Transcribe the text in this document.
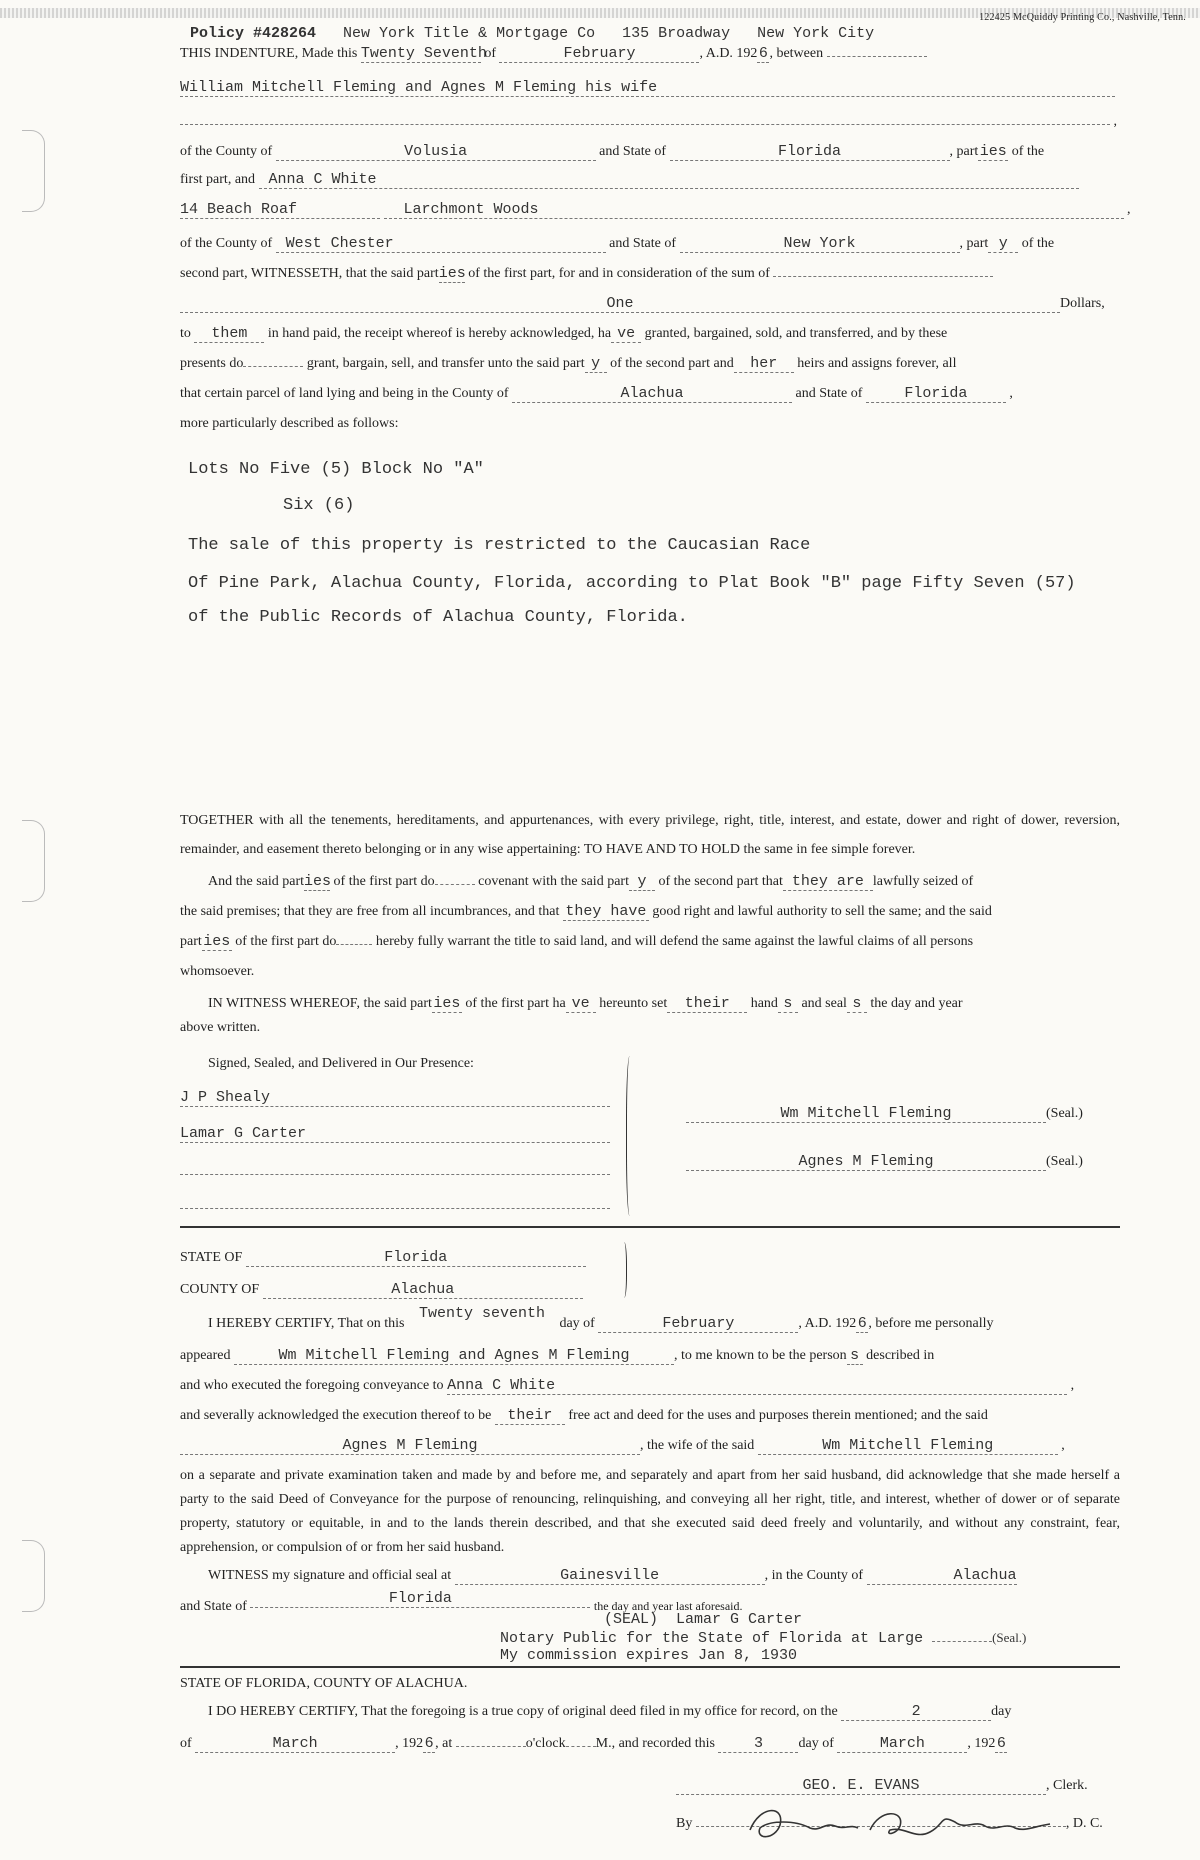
122425 McQuiddy Printing Co., Nashville, Tenn.
Policy #428264 New York Title & Mortgage Co 135 Broadway New York City
THIS INDENTURE, Made this Twenty Seventh of	February	, A.D. 1926 , between
William Mitchell Fleming and Agnes M Fleming his wife
,
of the County of	Volusia	and State of	Florida	, parties of the
first part, and Anna C White
14 Beach Roaf	Larchmont Woods	,
of the County of West Chester	and State of	New York	, part y of the
second part, WITNESSETH, that the said parties of the first part, for and in consideration of the sum of
One	Dollars,
to them in hand paid, the receipt whereof is hereby acknowledged, ha ve granted, bargained, sold, and transferred, and by these
presents do	grant, bargain, sell, and transfer unto the said part y of the second part and her heirs and assigns forever, all
that certain parcel of land lying and being in the County of	Alachua	and State of	Florida	,
more particularly described as follows:
Lots No Five (5) Block No "A"
Six (6)
The sale of this property is restricted to the Caucasian Race
Of Pine Park, Alachua County, Florida, according to Plat Book "B" page Fifty Seven (57)
of the Public Records of Alachua County, Florida.
TOGETHER with all the tenements, hereditaments, and appurtenances, with every privilege, right, title, interest, and estate, dower and right of dower, reversion, remainder, and easement thereto belonging or in any wise appertaining: TO HAVE AND TO HOLD the same in fee simple forever.
And the said parties of the first part do	covenant with the said part y of the second part that they are lawfully seized of
the said premises; that they are free from all incumbrances, and that they have good right and lawful authority to sell the same; and the said
parties of the first part do	hereby fully warrant the title to said land, and will defend the same against the lawful claims of all persons
whomsoever.
IN WITNESS WHEREOF, the said parties of the first part ha ve hereunto set their hand s and seal s the day and year
above written.
Signed, Sealed, and Delivered in Our Presence:
J P Shealy
Lamar G Carter
Wm Mitchell Fleming	(Seal.)
Agnes M Fleming	(Seal.)
STATE OF	Florida
COUNTY OF	Alachua
I HEREBY CERTIFY, That on this Twenty seventh day of	February	, A.D. 1926 , before me personally
appeared	Wm Mitchell Fleming and Agnes M Fleming	, to me known to be the person s described in
and who executed the foregoing conveyance to Anna C White	,
and severally acknowledged the execution thereof to be their free act and deed for the uses and purposes therein mentioned; and the said
Agnes M Fleming	, the wife of the said	Wm Mitchell Fleming	,
on a separate and private examination taken and made by and before me, and separately and apart from her said husband, did acknowledge that she made herself a party to the said Deed of Conveyance for the purpose of renouncing, relinquishing, and conveying all her right, title, and interest, whether of dower or of separate property, statutory or equitable, in and to the lands therein described, and that she executed said deed freely and voluntarily, and without any constraint, fear, apprehension, or compulsion of or from her said husband.
WITNESS my signature and official seal at	Gainesville	, in the County of	Alachua
and State of	Florida	the day and year last aforesaid.
(SEAL) Lamar G Carter
Notary Public for the State of Florida at Large	(Seal.)
My commission expires Jan 8, 1930
STATE OF FLORIDA, COUNTY OF ALACHUA.
I DO HEREBY CERTIFY, That the foregoing is a true copy of original deed filed in my office for record, on the	2	day
of	March	, 1926 , at	o'clock M., and recorded this	3	day of	March	, 1926
GEO. E. EVANS	, Clerk.
By	, D. C.
